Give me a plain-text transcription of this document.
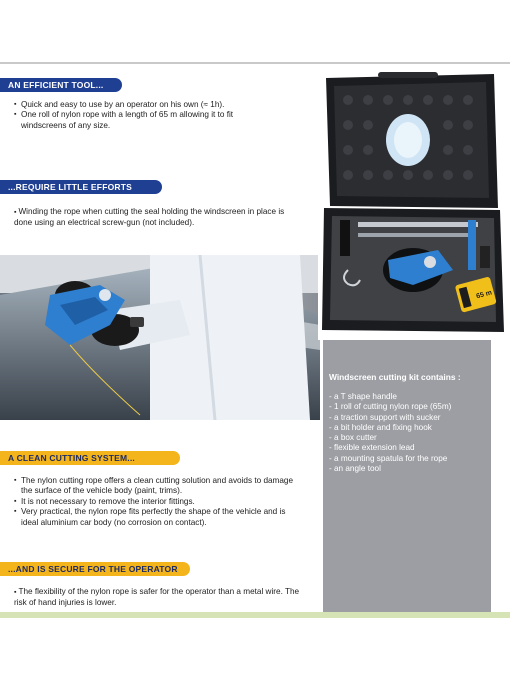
AN EFFICIENT TOOL...
▪ Quick and easy to use by an operator on his own (≈ 1h).
▪ One roll of nylon rope with a length of 65 m allowing it to fit windscreens of any size.
...REQUIRE LITTLE EFFORTS

▪ Winding the rope when cutting the seal holding the windscreen in place is done using an electrical screw-gun (not included).

A CLEAN CUTTING SYSTEM...
▪ The nylon cutting rope offers a clean cutting solution and avoids to damage the surface of the vehicle body (paint, trims).
▪ It is not necessary to remove the interior fittings.
▪ Very practical, the nylon rope fits perfectly the shape of the vehicle and is ideal aluminium car body (no corrosion on contact).
...AND IS SECURE FOR THE OPERATOR

▪ The flexibility of the nylon rope is safer for the operator than a metal wire. The risk of hand injuries is lower.

65 m
Windscreen cutting kit contains :
- a T shape handle
- 1 roll of cutting nylon rope (65m)
- a traction support with sucker
- a bit holder and fixing hook
- a box cutter
- flexible extension lead
- a mounting spatula for the rope
- an angle tool
